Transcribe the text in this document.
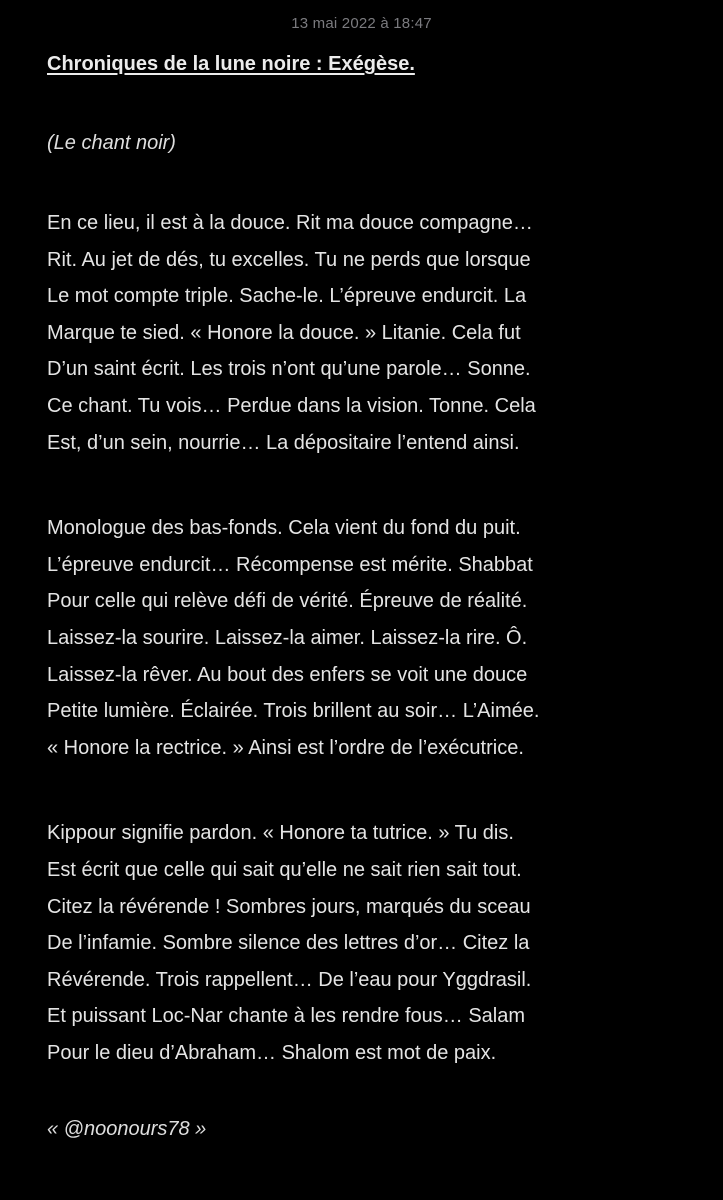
13 mai 2022 à 18:47
Chroniques de la lune noire : Exégèse.

(Le chant noir)

En ce lieu, il est à la douce. Rit ma douce compagne…
Rit. Au jet de dés, tu excelles. Tu ne perds que lorsque
Le mot compte triple. Sache-le. L’épreuve endurcit. La
Marque te sied. « Honore la douce. » Litanie. Cela fut
D’un saint écrit. Les trois n’ont qu’une parole… Sonne.
Ce chant. Tu vois… Perdue dans la vision. Tonne. Cela
Est, d’un sein, nourrie… La dépositaire l’entend ainsi.
Monologue des bas-fonds. Cela vient du fond du puit.
L’épreuve endurcit… Récompense est mérite. Shabbat
Pour celle qui relève défi de vérité. Épreuve de réalité.
Laissez-la sourire. Laissez-la aimer. Laissez-la rire. Ô.
Laissez-la rêver. Au bout des enfers se voit une douce
Petite lumière. Éclairée. Trois brillent au soir… L’Aimée.
« Honore la rectrice. » Ainsi est l’ordre de l’exécutrice.
Kippour signifie pardon. « Honore ta tutrice. » Tu dis.
Est écrit que celle qui sait qu’elle ne sait rien sait tout.
Citez la révérende ! Sombres jours, marqués du sceau
De l’infamie. Sombre silence des lettres d’or… Citez la
Révérende. Trois rappellent… De l’eau pour Yggdrasil.
Et puissant Loc-Nar chante à les rendre fous… Salam
Pour le dieu d’Abraham… Shalom est mot de paix.

« @noonours78 »
